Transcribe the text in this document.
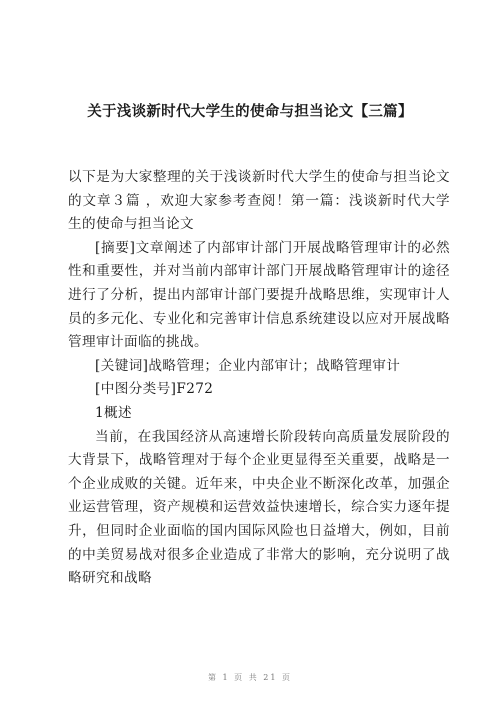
关于浅谈新时代大学生的使命与担当论文【三篇】

以下是为大家整理的关于浅谈新时代大学生的使命与担当论文的文章３篇 ，欢迎大家参考查阅！第一篇：浅谈新时代大学生的使命与担当论文

[摘要]文章阐述了内部审计部门开展战略管理审计的必然性和重要性，并对当前内部审计部门开展战略管理审计的途径进行了分析，提出内部审计部门要提升战略思维，实现审计人员的多元化、专业化和完善审计信息系统建设以应对开展战略管理审计面临的挑战。

[关键词]战略管理；企业内部审计；战略管理审计

[中图分类号]F272

1概述

当前，在我国经济从高速增长阶段转向高质量发展阶段的大背景下，战略管理对于每个企业更显得至关重要，战略是一个企业成败的关键。近年来，中央企业不断深化改革，加强企业运营管理，资产规模和运营效益快速增长，综合实力逐年提升，但同时企业面临的国内国际风险也日益增大，例如，目前的中美贸易战对很多企业造成了非常大的影响，充分说明了战略研究和战略

第 1 页 共 21 页
